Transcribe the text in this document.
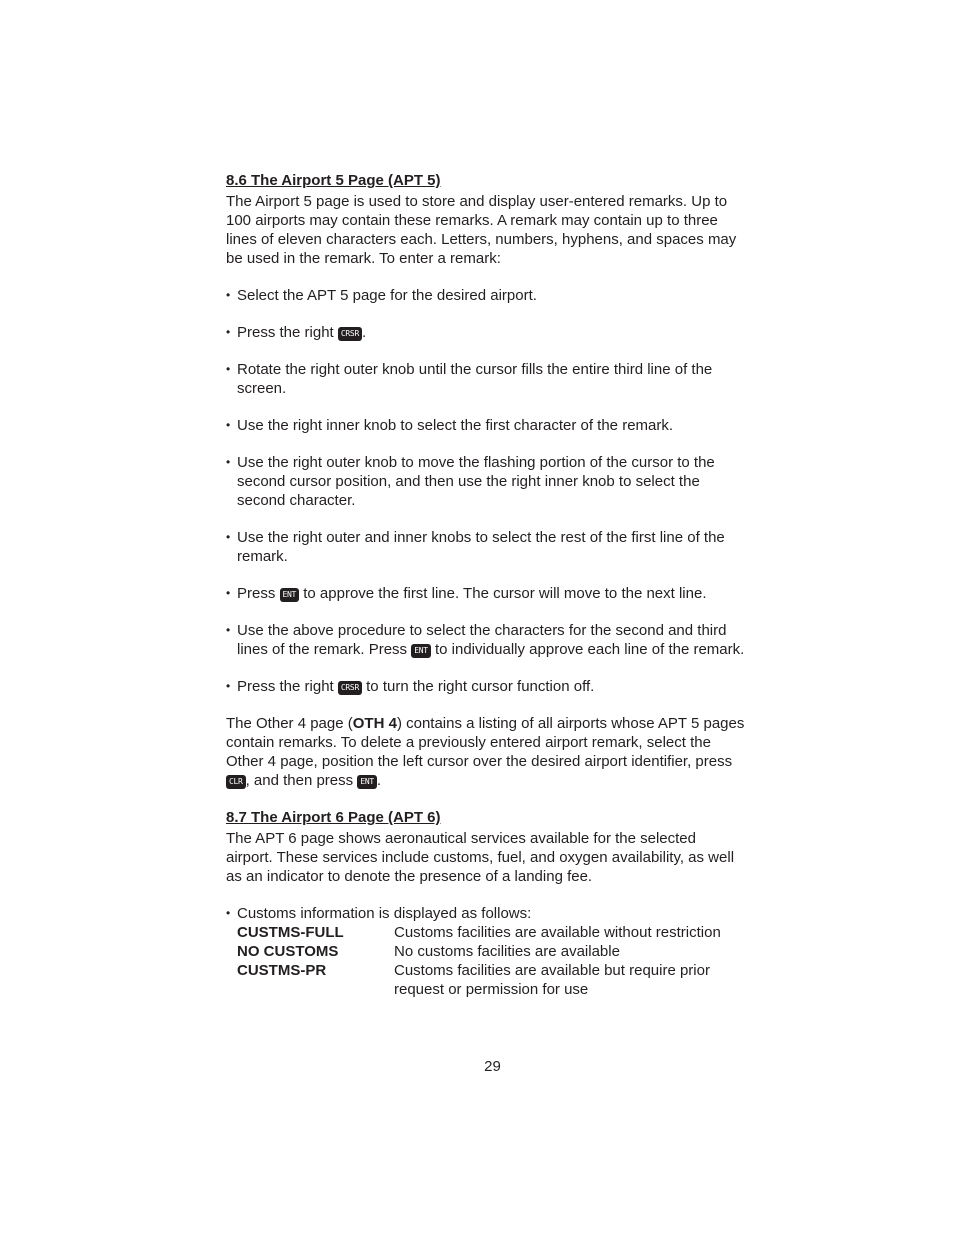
8.6 The Airport 5 Page (APT 5)

The Airport 5 page is used to store and display user-entered remarks. Up to 100 airports may contain these remarks. A remark may contain up to three lines of eleven characters each. Letters, numbers, hyphens, and spaces may be used in the remark. To enter a remark:

• Select the APT 5 page for the desired airport.

• Press the right CRSR .

• Rotate the right outer knob until the cursor fills the entire third line of the screen.

• Use the right inner knob to select the first character of the remark.

• Use the right outer knob to move the flashing portion of the cursor to the second cursor position, and then use the right inner knob to select the second character.

• Use the right outer and inner knobs to select the rest of the first line of the remark.

• Press ENT to approve the first line. The cursor will move to the next line.

• Use the above procedure to select the characters for the second and third lines of the remark. Press ENT to individually approve each line of the remark.

• Press the right CRSR to turn the right cursor function off.

The Other 4 page (OTH 4) contains a listing of all airports whose APT 5 pages contain remarks. To delete a previously entered airport remark, select the Other 4 page, position the left cursor over the desired airport identifier, press CLR , and then press ENT .

8.7 The Airport 6 Page (APT 6)

The APT 6 page shows aeronautical services available for the selected airport. These services include customs, fuel, and oxygen availability, as well as an indicator to denote the presence of a landing fee.

• Customs information is displayed as follows:

CUSTMS-FULL	Customs facilities are available without restriction
NO CUSTOMS	No customs facilities are available
CUSTMS-PR	Customs facilities are available but require prior request or permission for use
29
